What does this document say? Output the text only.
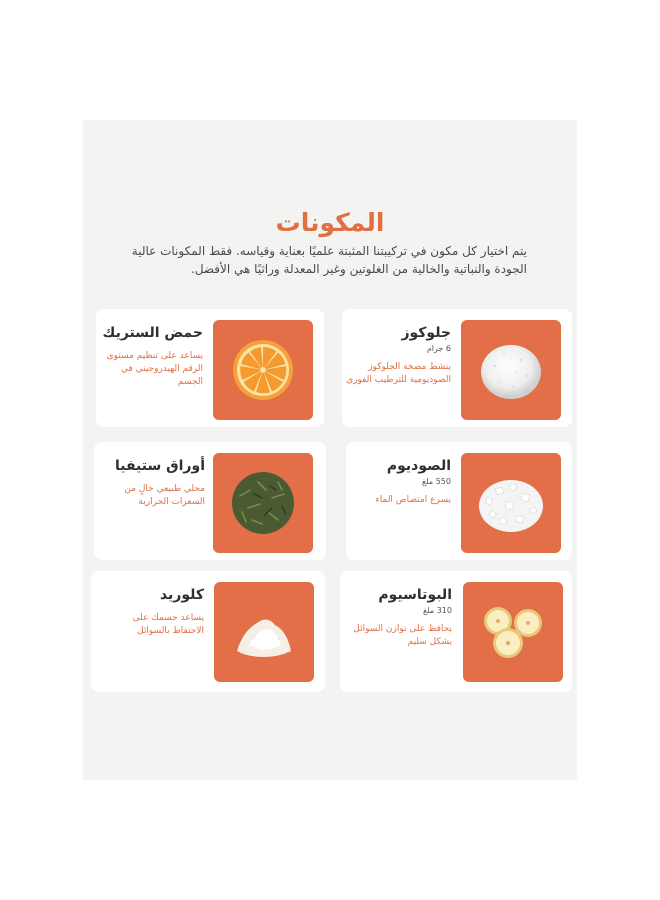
المكونات
يتم اختيار كل مكون في تركيبتنا المثبتة علميًا بعناية وقياسه. فقط المكونات عالية الجودة والنباتية والخالية من الغلوتين وغير المعدلة وراثيًا هي الأفضل.
جلوكوز
6 جرام
ينشط مضخة الجلوكوز الصوديومية للترطيب الفوري
حمض الستريك
يساعد على تنظيم مستوى الرقم الهيدروجيني في الجسم
الصوديوم
550 ملغ
يسرع امتصاص الماء
أوراق ستيفيا
محلي طبيعي خالٍ من السعرات الحرارية
البوتاسيوم
310 ملغ
يحافظ على توازن السوائل بشكل سليم
كلوريد
يساعد جسمك على الاحتفاظ بالسوائل
